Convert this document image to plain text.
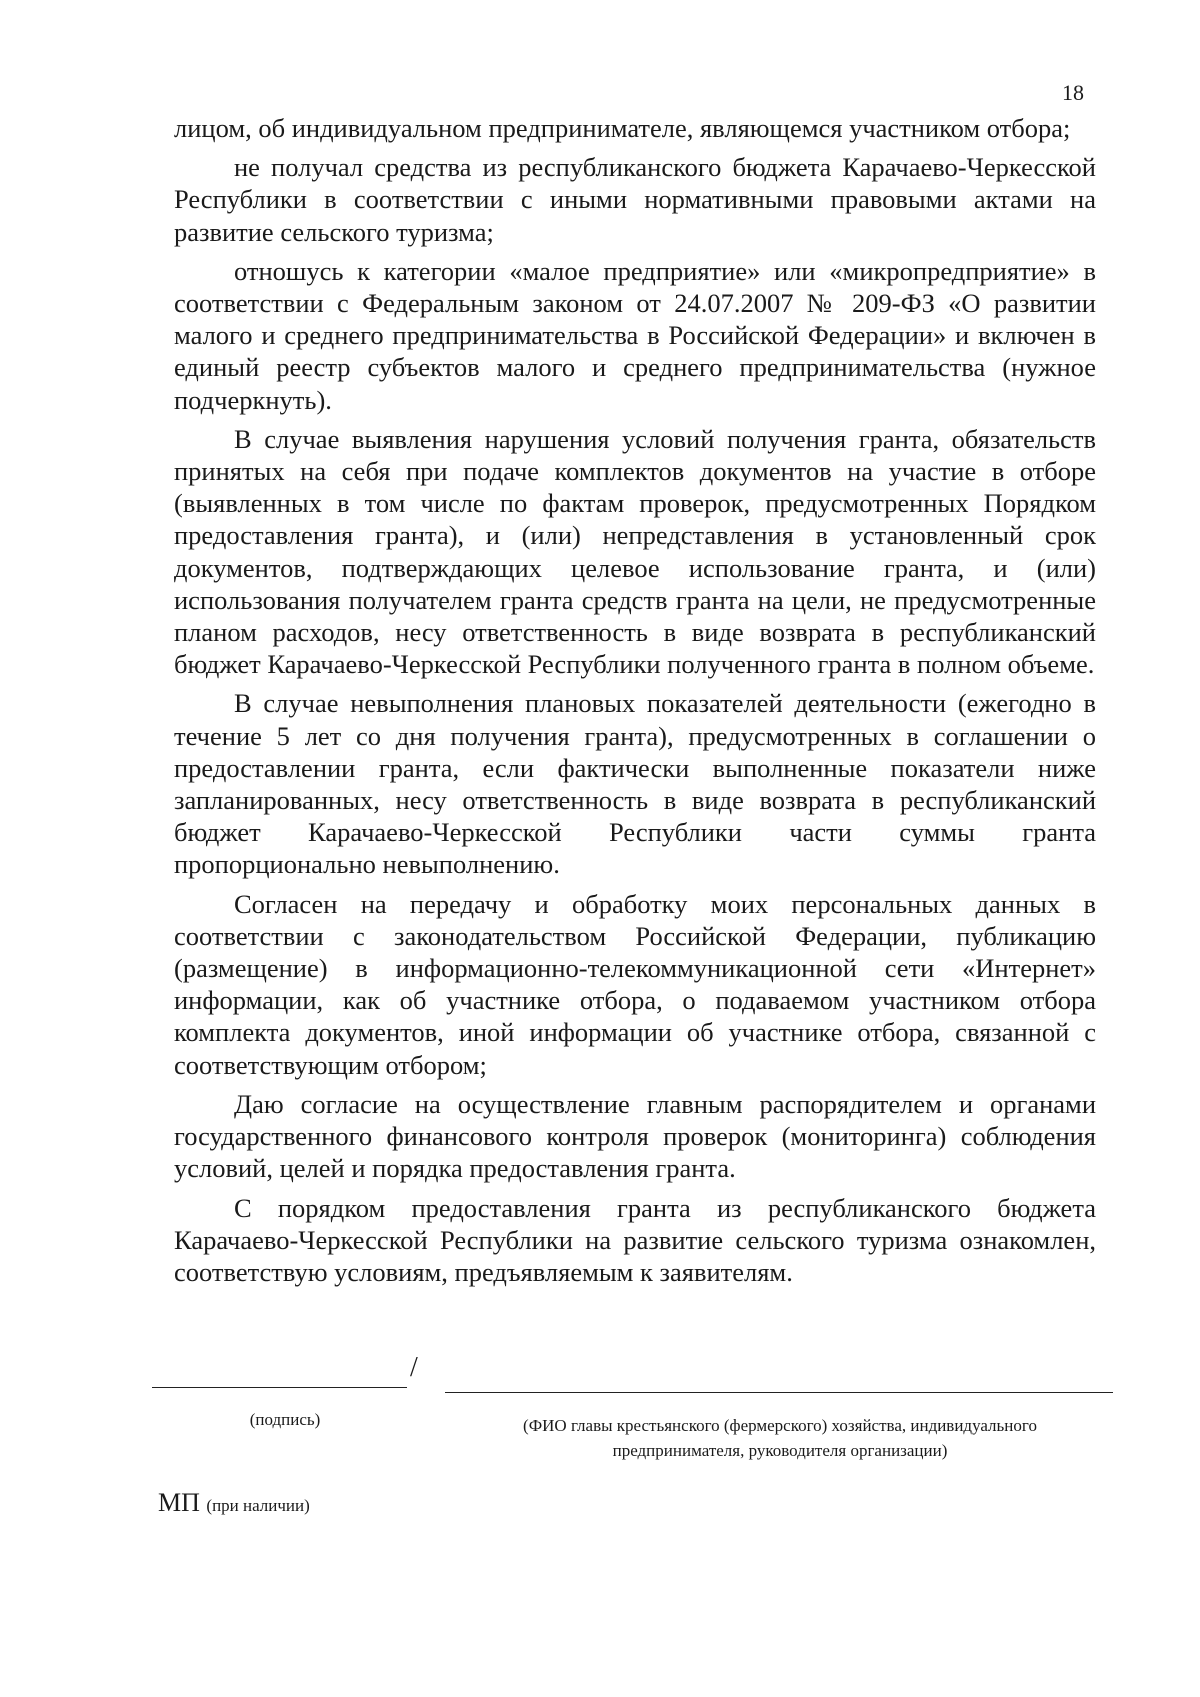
18

лицом, об индивидуальном предпринимателе, являющемся участником отбора;

не получал средства из республиканского бюджета Карачаево-Черкесской Республики в соответствии с иными нормативными правовыми актами на развитие сельского туризма;

отношусь к категории «малое предприятие» или «микропредприятие» в соответствии с Федеральным законом от 24.07.2007 № 209-ФЗ «О развитии малого и среднего предпринимательства в Российской Федерации» и включен в единый реестр субъектов малого и среднего предпринимательства (нужное подчеркнуть).

В случае выявления нарушения условий получения гранта, обязательств принятых на себя при подаче комплектов документов на участие в отборе (выявленных в том числе по фактам проверок, предусмотренных Порядком предоставления гранта), и (или) непредставления в установленный срок документов, подтверждающих целевое использование гранта, и (или) использования получателем гранта средств гранта на цели, не предусмотренные планом расходов, несу ответственность в виде возврата в республиканский бюджет Карачаево-Черкесской Республики полученного гранта в полном объеме.

В случае невыполнения плановых показателей деятельности (ежегодно в течение 5 лет со дня получения гранта), предусмотренных в соглашении о предоставлении гранта, если фактически выполненные показатели ниже запланированных, несу ответственность в виде возврата в республиканский бюджет Карачаево-Черкесской Республики части суммы гранта пропорционально невыполнению.

Согласен на передачу и обработку моих персональных данных в соответствии с законодательством Российской Федерации, публикацию (размещение) в информационно-телекоммуникационной сети «Интернет» информации, как об участнике отбора, о подаваемом участником отбора комплекта документов, иной информации об участнике отбора, связанной с соответствующим отбором;

Даю согласие на осуществление главным распорядителем и органами государственного финансового контроля проверок (мониторинга) соблюдения условий, целей и порядка предоставления гранта.

С порядком предоставления гранта из республиканского бюджета Карачаево-Черкесской Республики на развитие сельского туризма ознакомлен, соответствую условиям, предъявляемым к заявителям.

/
(подпись)	(ФИО главы крестьянского (фермерского) хозяйства, индивидуального
предпринимателя, руководителя организации)
МП (при наличии)
